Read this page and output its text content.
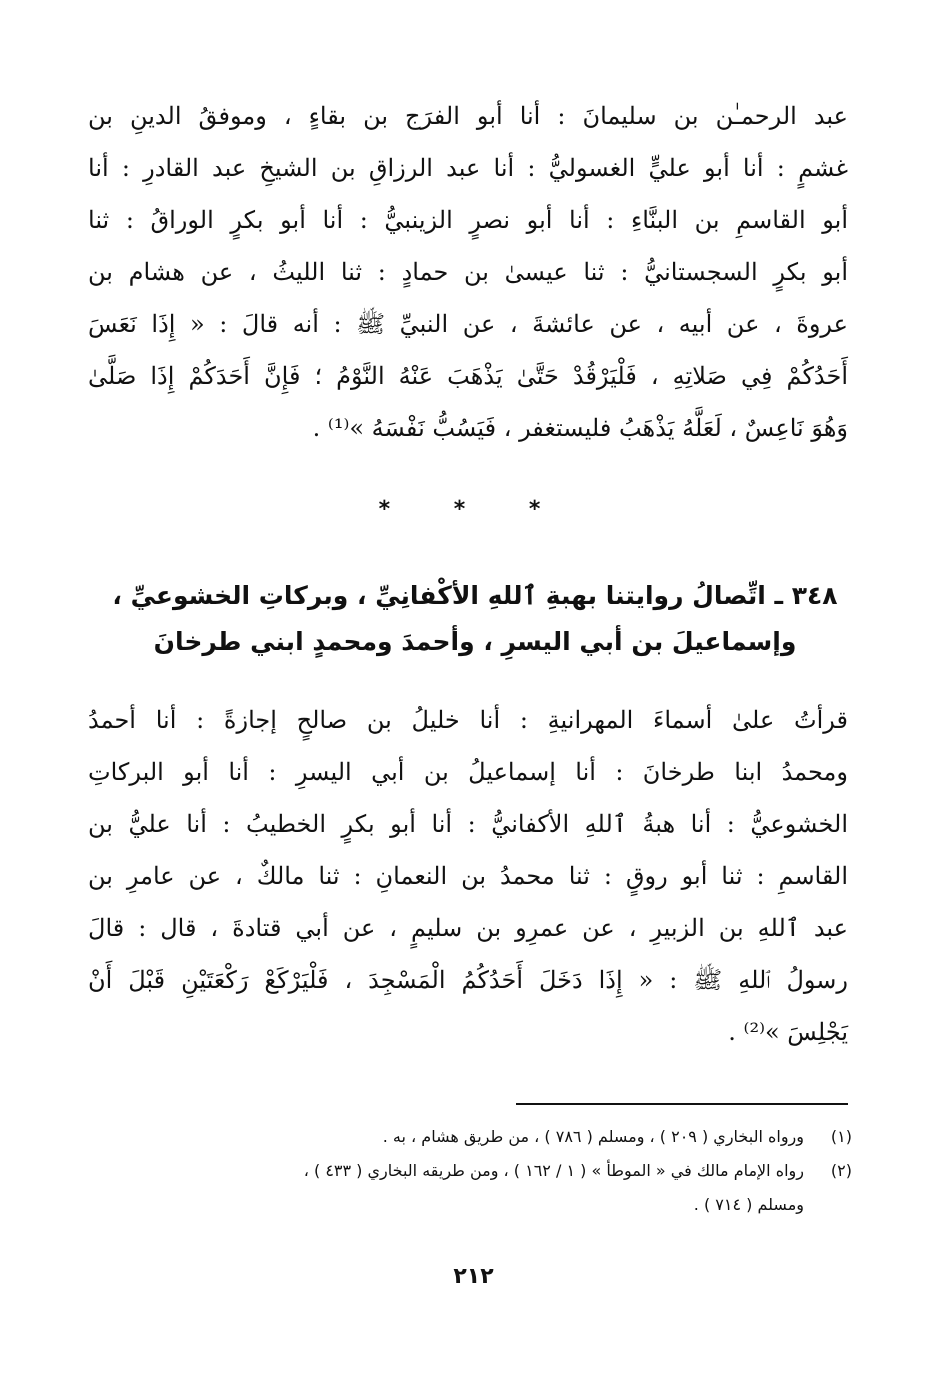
عبد الرحمـٰن بن سليمانَ : أنا أبو الفرَج بن بقاءٍ ، وموفقُ الدينِ بن
غشمٍ : أنا أبو عليٍّ الغسوليُّ : أنا عبد الرزاقِ بن الشيخِ عبد القادرِ : أنا
أبو القاسمِ بن البنَّاءِ : أنا أبو نصرٍ الزينبيُّ : أنا أبو بكرٍ الوراقُ : ثنا
أبو بكرٍ السجستانيُّ : ثنا عيسىٰ بن حمادٍ : ثنا الليثُ ، عن هشام بن
عروةَ ، عن أبيه ، عن عائشةَ ، عن النبيِّ ﷺ : أنه قالَ : « إِذَا نَعَسَ
أَحَدُكُمْ فِي صَلاتِهِ ، فَلْيَرْقُدْ حَتَّىٰ يَذْهَبَ عَنْهُ النَّوْمُ ؛ فَإِنَّ أَحَدَكُمْ إِذَا صَلَّىٰ
وَهُوَ نَاعِسٌ ، لَعَلَّهُ يَذْهَبُ فليستغفر ، فَيَسُبُّ نَفْسَهُ »⁽¹⁾ .

* * *
٣٤٨ ـ اتِّصالُ روايتنا بهبةِ ٱللهِ الأكْفانِيِّ ، وبركاتِ الخشوعيِّ ،
وإسماعيلَ بن أبي اليسرِ ، وأحمدَ ومحمدٍ ابني طرخانَ

قرأتُ علىٰ أسماءَ المهرانيةِ : أنا خليلُ بن صالحٍ إجازةً : أنا أحمدُ
ومحمدُ ابنا طرخانَ : أنا إسماعيلُ بن أبي اليسرِ : أنا أبو البركاتِ
الخشوعيُّ : أنا هبةُ ٱللهِ الأكفانيُّ : أنا أبو بكرٍ الخطيبُ : أنا عليُّ بن
القاسمِ : ثنا أبو روقٍ : ثنا محمدُ بن النعمانِ : ثنا مالكٌ ، عن عامرِ بن
عبد ٱللهِ بن الزبيرِ ، عن عمرِو بن سليمٍ ، عن أبي قتادةَ ، قال : قالَ
رسولُ ٱللهِ ﷺ : « إِذَا دَخَلَ أَحَدُكُمُ الْمَسْجِدَ ، فَلْيَرْكَعْ رَكْعَتَيْنِ قَبْلَ أَنْ
يَجْلِسَ »⁽²⁾ .

(١)
ورواه البخاري ( ٢٠٩ ) ، ومسلم ( ٧٨٦ ) ، من طريق هشام ، به .
(٢)
رواه الإمام مالك في « الموطأ » ( ١ / ١٦٢ ) ، ومن طريقه البخاري ( ٤٣٣ ) ،
ومسلم ( ٧١٤ ) .
٢١٢
